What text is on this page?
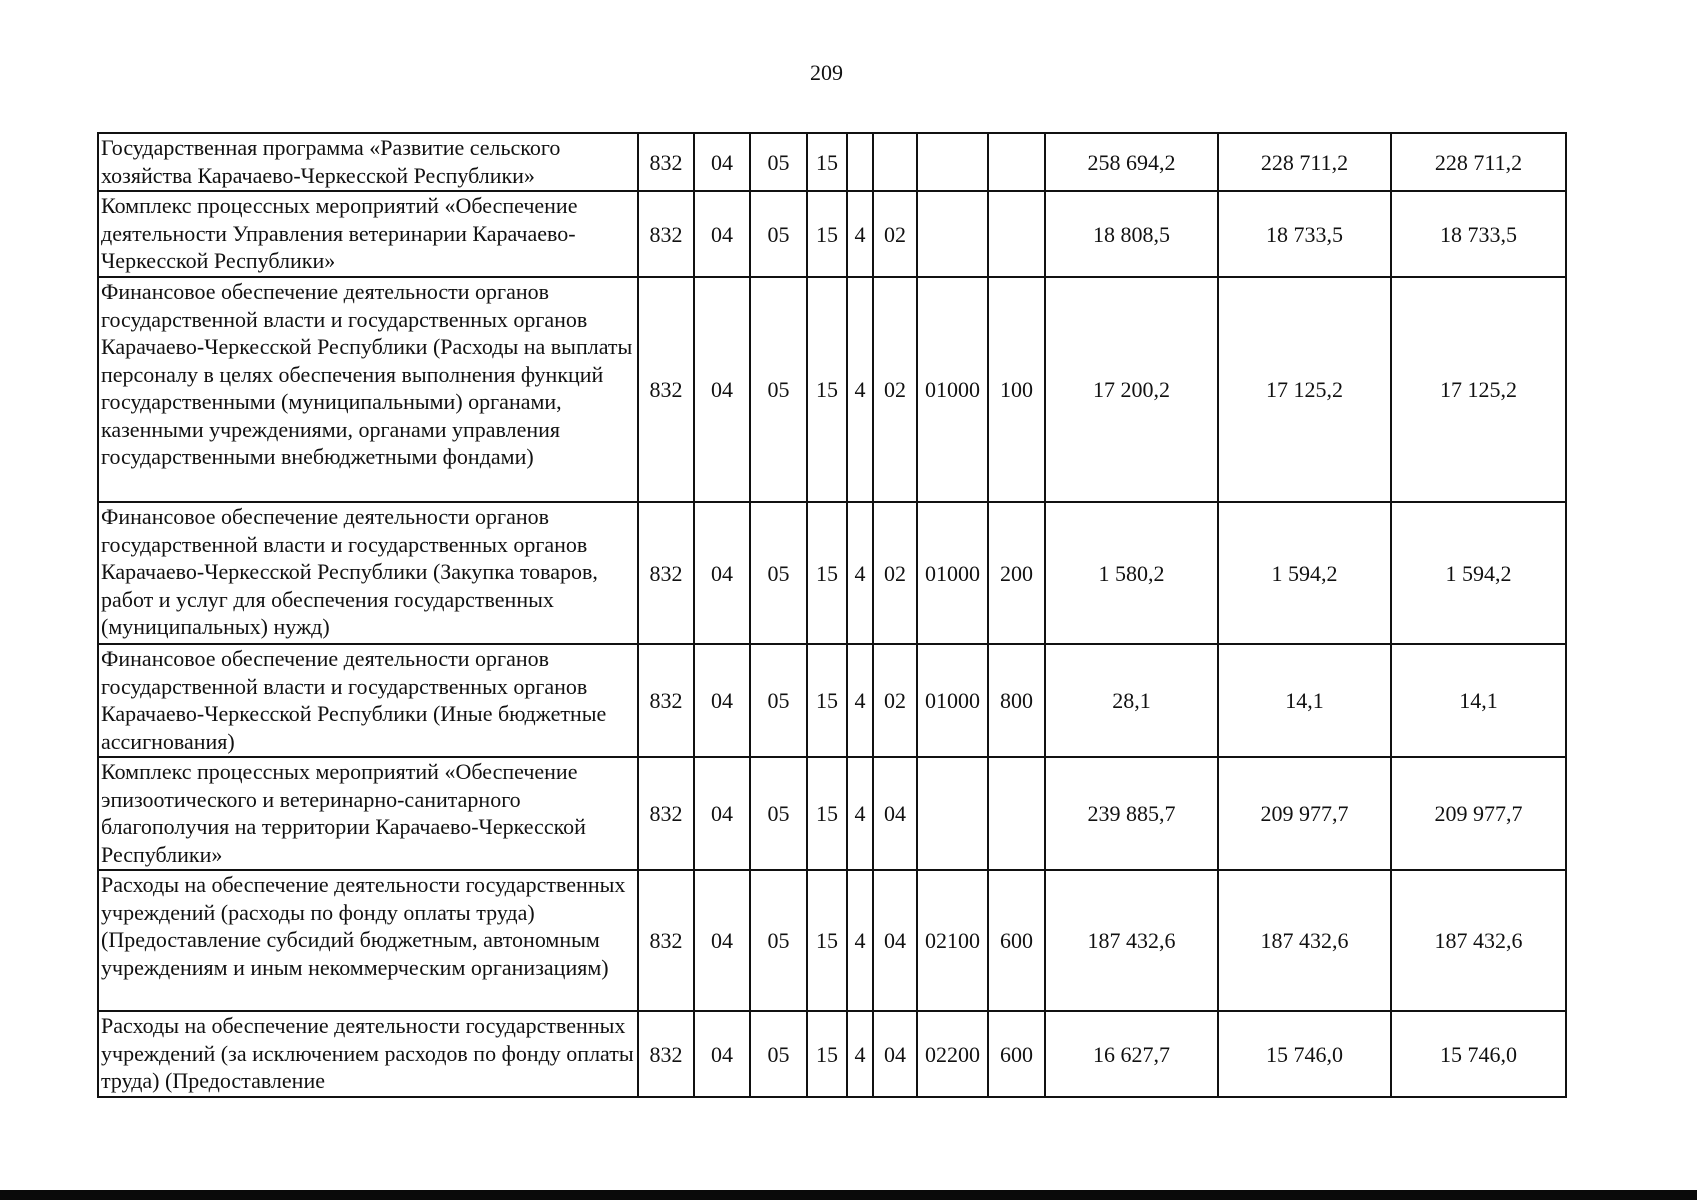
209
Государственная программа «Развитие сельского хозяйства Карачаево-Черкесской Республики»	832	04	05	15					258 694,2	228 711,2	228 711,2
Комплекс процессных мероприятий «Обеспечение деятельности Управления ветеринарии Карачаево-Черкесской Республики»	832	04	05	15	4	02			18 808,5	18 733,5	18 733,5
Финансовое обеспечение деятельности органов государственной власти и государственных органов Карачаево-Черкесской Республики (Расходы на выплаты персоналу в целях обеспечения выполнения функций государственными (муниципальными) органами, казенными учреждениями, органами управления государственными внебюджетными фондами)	832	04	05	15	4	02	01000	100	17 200,2	17 125,2	17 125,2
Финансовое обеспечение деятельности органов государственной власти и государственных органов Карачаево-Черкесской Республики (Закупка товаров, работ и услуг для обеспечения государственных (муниципальных) нужд)	832	04	05	15	4	02	01000	200	1 580,2	1 594,2	1 594,2
Финансовое обеспечение деятельности органов государственной власти и государственных органов Карачаево-Черкесской Республики (Иные бюджетные ассигнования)	832	04	05	15	4	02	01000	800	28,1	14,1	14,1
Комплекс процессных мероприятий «Обеспечение эпизоотического и ветеринарно-санитарного благополучия на территории Карачаево-Черкесской Республики»	832	04	05	15	4	04			239 885,7	209 977,7	209 977,7
Расходы на обеспечение деятельности государственных учреждений (расходы по фонду оплаты труда) (Предоставление субсидий бюджетным, автономным учреждениям и иным некоммерческим организациям)	832	04	05	15	4	04	02100	600	187 432,6	187 432,6	187 432,6
Расходы на обеспечение деятельности государственных учреждений (за исключением расходов по фонду оплаты труда) (Предоставление	832	04	05	15	4	04	02200	600	16 627,7	15 746,0	15 746,0
